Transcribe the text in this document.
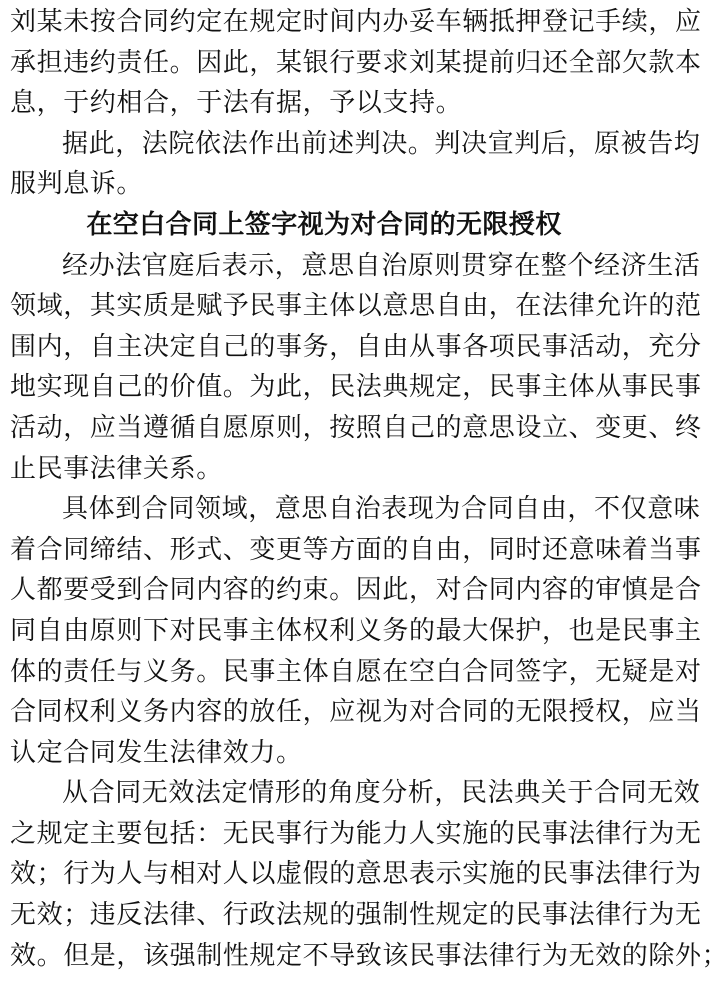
刘某未按合同约定在规定时间内办妥车辆抵押登记手续，应
承担违约责任。因此，某银行要求刘某提前归还全部欠款本
息，于约相合，于法有据，予以支持。
据此，法院依法作出前述判决。判决宣判后，原被告均
服判息诉。
在空白合同上签字视为对合同的无限授权
经办法官庭后表示，意思自治原则贯穿在整个经济生活
领域，其实质是赋予民事主体以意思自由，在法律允许的范
围内，自主决定自己的事务，自由从事各项民事活动，充分
地实现自己的价值。为此，民法典规定，民事主体从事民事
活动，应当遵循自愿原则，按照自己的意思设立、变更、终
止民事法律关系。
具体到合同领域，意思自治表现为合同自由，不仅意味
着合同缔结、形式、变更等方面的自由，同时还意味着当事
人都要受到合同内容的约束。因此，对合同内容的审慎是合
同自由原则下对民事主体权利义务的最大保护，也是民事主
体的责任与义务。民事主体自愿在空白合同签字，无疑是对
合同权利义务内容的放任，应视为对合同的无限授权，应当
认定合同发生法律效力。
从合同无效法定情形的角度分析，民法典关于合同无效
之规定主要包括：无民事行为能力人实施的民事法律行为无
效；行为人与相对人以虚假的意思表示实施的民事法律行为
无效；违反法律、行政法规的强制性规定的民事法律行为无
效。但是，该强制性规定不导致该民事法律行为无效的除外；
